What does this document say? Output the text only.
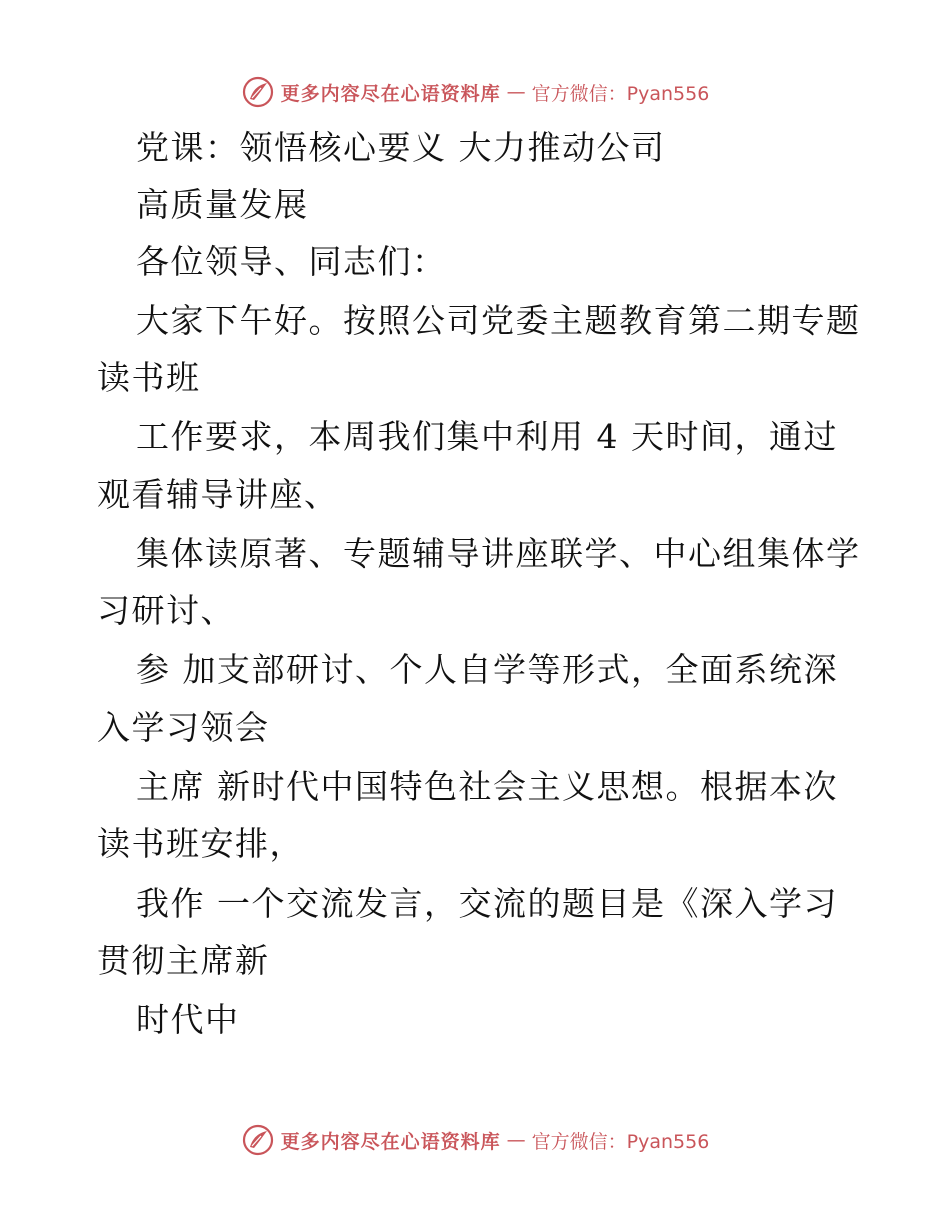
更多内容尽在心语资料库 — 官方微信：Pyan556
党课：领悟核心要义 大力推动公司
高质量发展
各位领导、同志们：
大家下午好。按照公司党委主题教育第二期专题
读书班
工作要求，本周我们集中利用 4 天时间，通过
观看辅导讲座、
集体读原著、专题辅导讲座联学、中心组集体学
习研讨、
参 加支部研讨、个人自学等形式，全面系统深
入学习领会
主席 新时代中国特色社会主义思想。根据本次
读书班安排，
我作 一个交流发言，交流的题目是《深入学习
贯彻主席新
时代中
更多内容尽在心语资料库 — 官方微信：Pyan556
